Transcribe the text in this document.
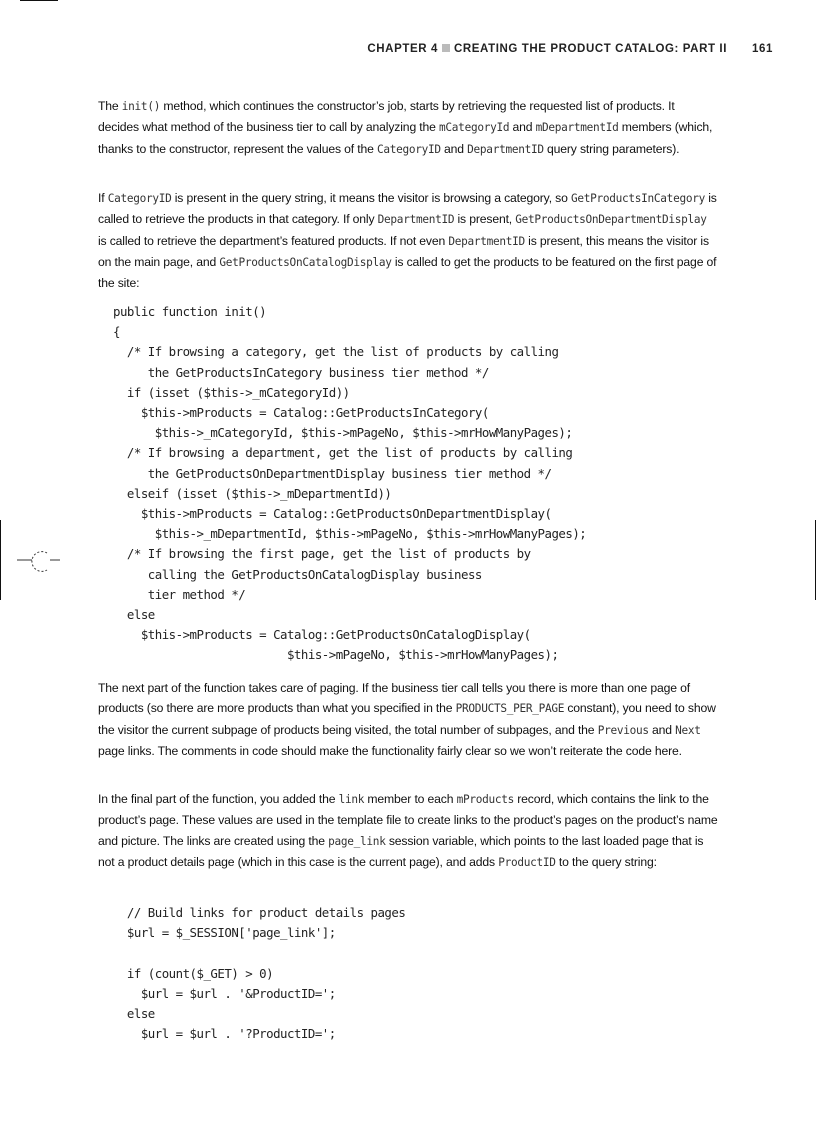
CHAPTER 4 CREATING THE PRODUCT CATALOG: PART II 161
The init() method, which continues the constructor’s job, starts by retrieving the requested list of products. It decides what method of the business tier to call by analyzing the mCategoryId and mDepartmentId members (which, thanks to the constructor, represent the values of the CategoryID and DepartmentID query string parameters).
If CategoryID is present in the query string, it means the visitor is browsing a category, so GetProductsInCategory is called to retrieve the products in that category. If only DepartmentID is present, GetProductsOnDepartmentDisplay is called to retrieve the department’s featured products. If not even DepartmentID is present, this means the visitor is on the main page, and GetProductsOnCatalogDisplay is called to get the products to be featured on the first page of the site:
public function init()
{
/* If browsing a category, get the list of products by calling
the GetProductsInCategory business tier method */
if (isset ($this->_mCategoryId))
$this->mProducts = Catalog::GetProductsInCategory(
$this->_mCategoryId, $this->mPageNo, $this->mrHowManyPages);
/* If browsing a department, get the list of products by calling
the GetProductsOnDepartmentDisplay business tier method */
elseif (isset ($this->_mDepartmentId))
$this->mProducts = Catalog::GetProductsOnDepartmentDisplay(
$this->_mDepartmentId, $this->mPageNo, $this->mrHowManyPages);
/* If browsing the first page, get the list of products by
calling the GetProductsOnCatalogDisplay business
tier method */
else
$this->mProducts = Catalog::GetProductsOnCatalogDisplay(
$this->mPageNo, $this->mrHowManyPages);
The next part of the function takes care of paging. If the business tier call tells you there is more than one page of products (so there are more products than what you specified in the PRODUCTS_PER_PAGE constant), you need to show the visitor the current subpage of products being visited, the total number of subpages, and the Previous and Next page links. The comments in code should make the functionality fairly clear so we won’t reiterate the code here.
In the final part of the function, you added the link member to each mProducts record, which contains the link to the product’s page. These values are used in the template file to create links to the product’s pages on the product’s name and picture. The links are created using the page_link session variable, which points to the last loaded page that is not a product details page (which in this case is the current page), and adds ProductID to the query string:
// Build links for product details pages
$url = $_SESSION['page_link'];

if (count($_GET) > 0)
$url = $url . '&ProductID=';
else
$url = $url . '?ProductID=';
